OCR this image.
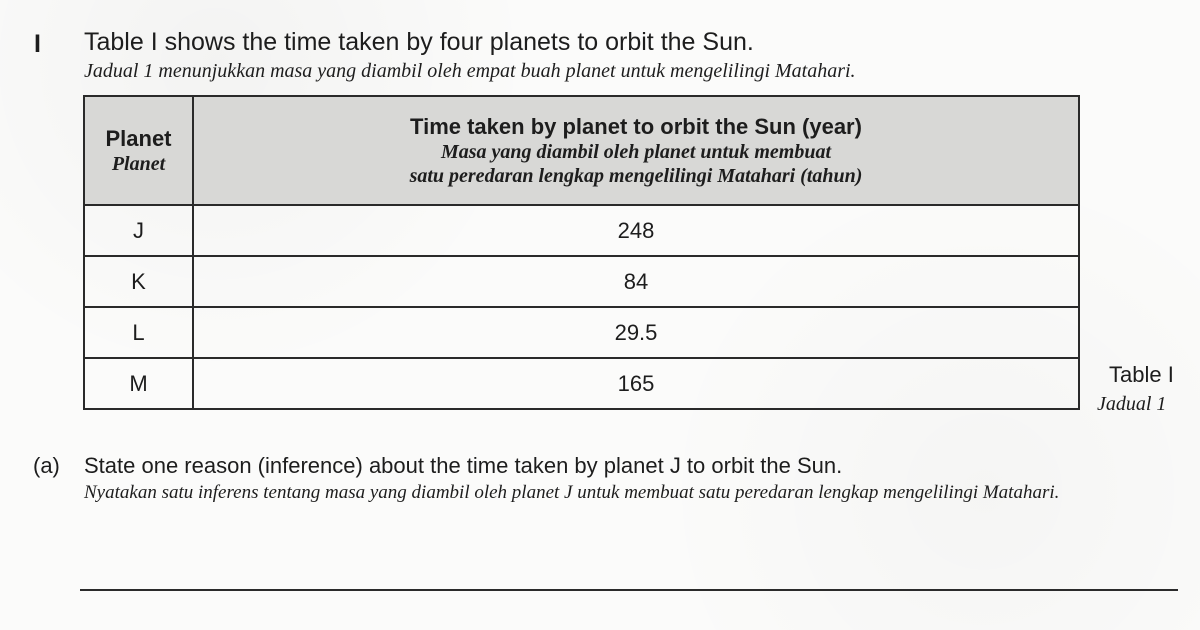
I Table I shows the time taken by four planets to orbit the Sun.
Jadual 1 menunjukkan masa yang diambil oleh empat buah planet untuk mengelilingi Matahari.
Planet
Planet	Time taken by planet to orbit the Sun (year)
Masa yang diambil oleh planet untuk membuat
satu peredaran lengkap mengelilingi Matahari (tahun)

J	248
K	84
L	29.5
M	165	Table I
Jadual 1
(a) State one reason (inference) about the time taken by planet J to orbit the Sun.
Nyatakan satu inferens tentang masa yang diambil oleh planet J untuk membuat satu peredaran lengkap mengelilingi Matahari.
